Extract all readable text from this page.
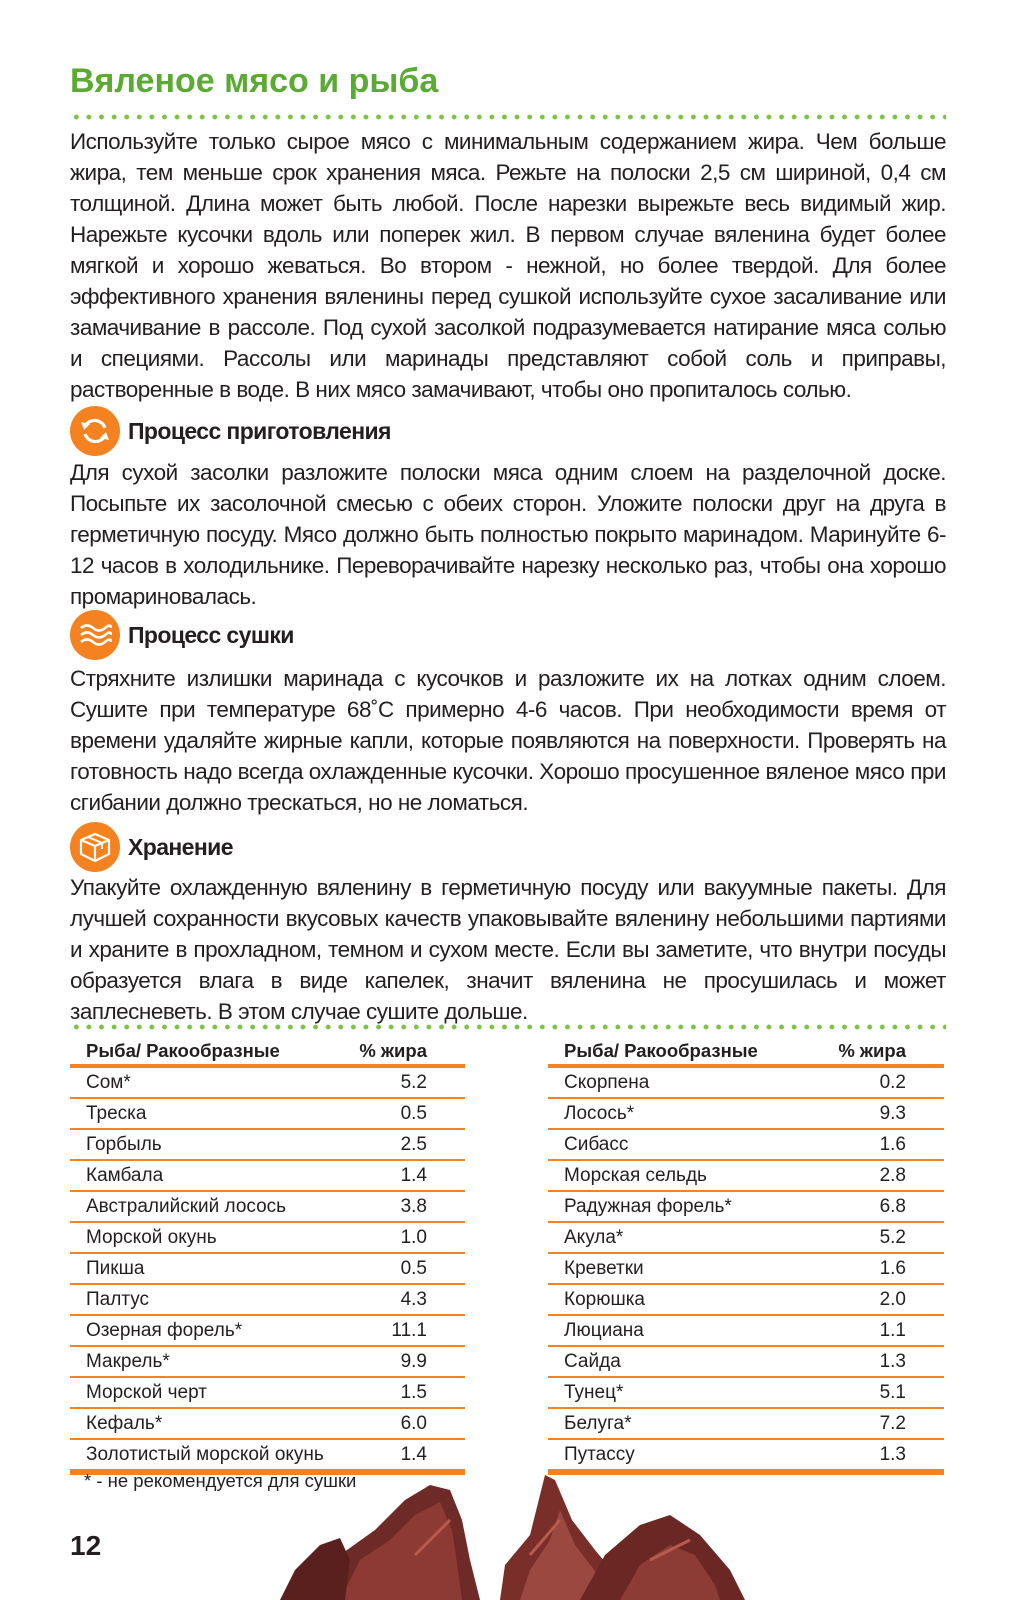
Вяленое мясо и рыба

Используйте только сырое мясо с минимальным содержанием жира. Чем больше жира, тем меньше срок хранения мяса. Режьте на полоски 2,5 см шириной, 0,4 см толщиной. Длина может быть любой. После нарезки вырежьте весь видимый жир. Нарежьте кусочки вдоль или поперек жил. В первом случае вяленина будет более мягкой и хорошо жеваться. Во втором - нежной, но более твердой. Для более эффективного хранения вяленины перед сушкой используйте сухое засаливание или замачивание в рассоле. Под сухой засолкой подразумевается натирание мяса солью и специями. Рассолы или маринады представляют собой соль и приправы, растворенные в воде. В них мясо замачивают, чтобы оно пропиталось солью.

Процесс приготовления

Для сухой засолки разложите полоски мяса одним слоем на разделочной доске. Посыпьте их засолочной смесью с обеих сторон. Уложите полоски друг на друга в герметичную посуду. Мясо должно быть полностью покрыто маринадом. Маринуйте 6-12 часов в холодильнике. Переворачивайте нарезку несколько раз, чтобы она хорошо промариновалась.

Процесс сушки

Стряхните излишки маринада с кусочков и разложите их на лотках одним слоем. Сушите при температуре 68˚С примерно 4-6 часов. При необходимости время от времени удаляйте жирные капли, которые появляются на поверхности. Проверять на готовность надо всегда охлажденные кусочки. Хорошо просушенное вяленое мясо при сгибании должно трескаться, но не ломаться.

Хранение

Упакуйте охлажденную вяленину в герметичную посуду или вакуумные пакеты. Для лучшей сохранности вкусовых качеств упаковывайте вяленину небольшими партиями и храните в прохладном, темном и сухом месте. Если вы заметите, что внутри посуды образуется влага в виде капелек, значит вяленина не просушилась и может заплесневеть. В этом случае сушите дольше.

Рыба/ Ракообразные	% жира
Сом*	5.2
Треска	0.5
Горбыль	2.5
Камбала	1.4
Австралийский лосось	3.8
Морской окунь	1.0
Пикша	0.5
Палтус	4.3
Озерная форель*	11.1
Макрель*	9.9
Морской черт	1.5
Кефаль*	6.0
Золотистый морской окунь	1.4
Рыба/ Ракообразные	% жира
Скорпена	0.2
Лосось*	9.3
Сибасс	1.6
Морская сельдь	2.8
Радужная форель*	6.8
Акула*	5.2
Креветки	1.6
Корюшка	2.0
Люциана	1.1
Сайда	1.3
Тунец*	5.1
Белуга*	7.2
Путассу	1.3
* - не рекомендуется для сушки
12
